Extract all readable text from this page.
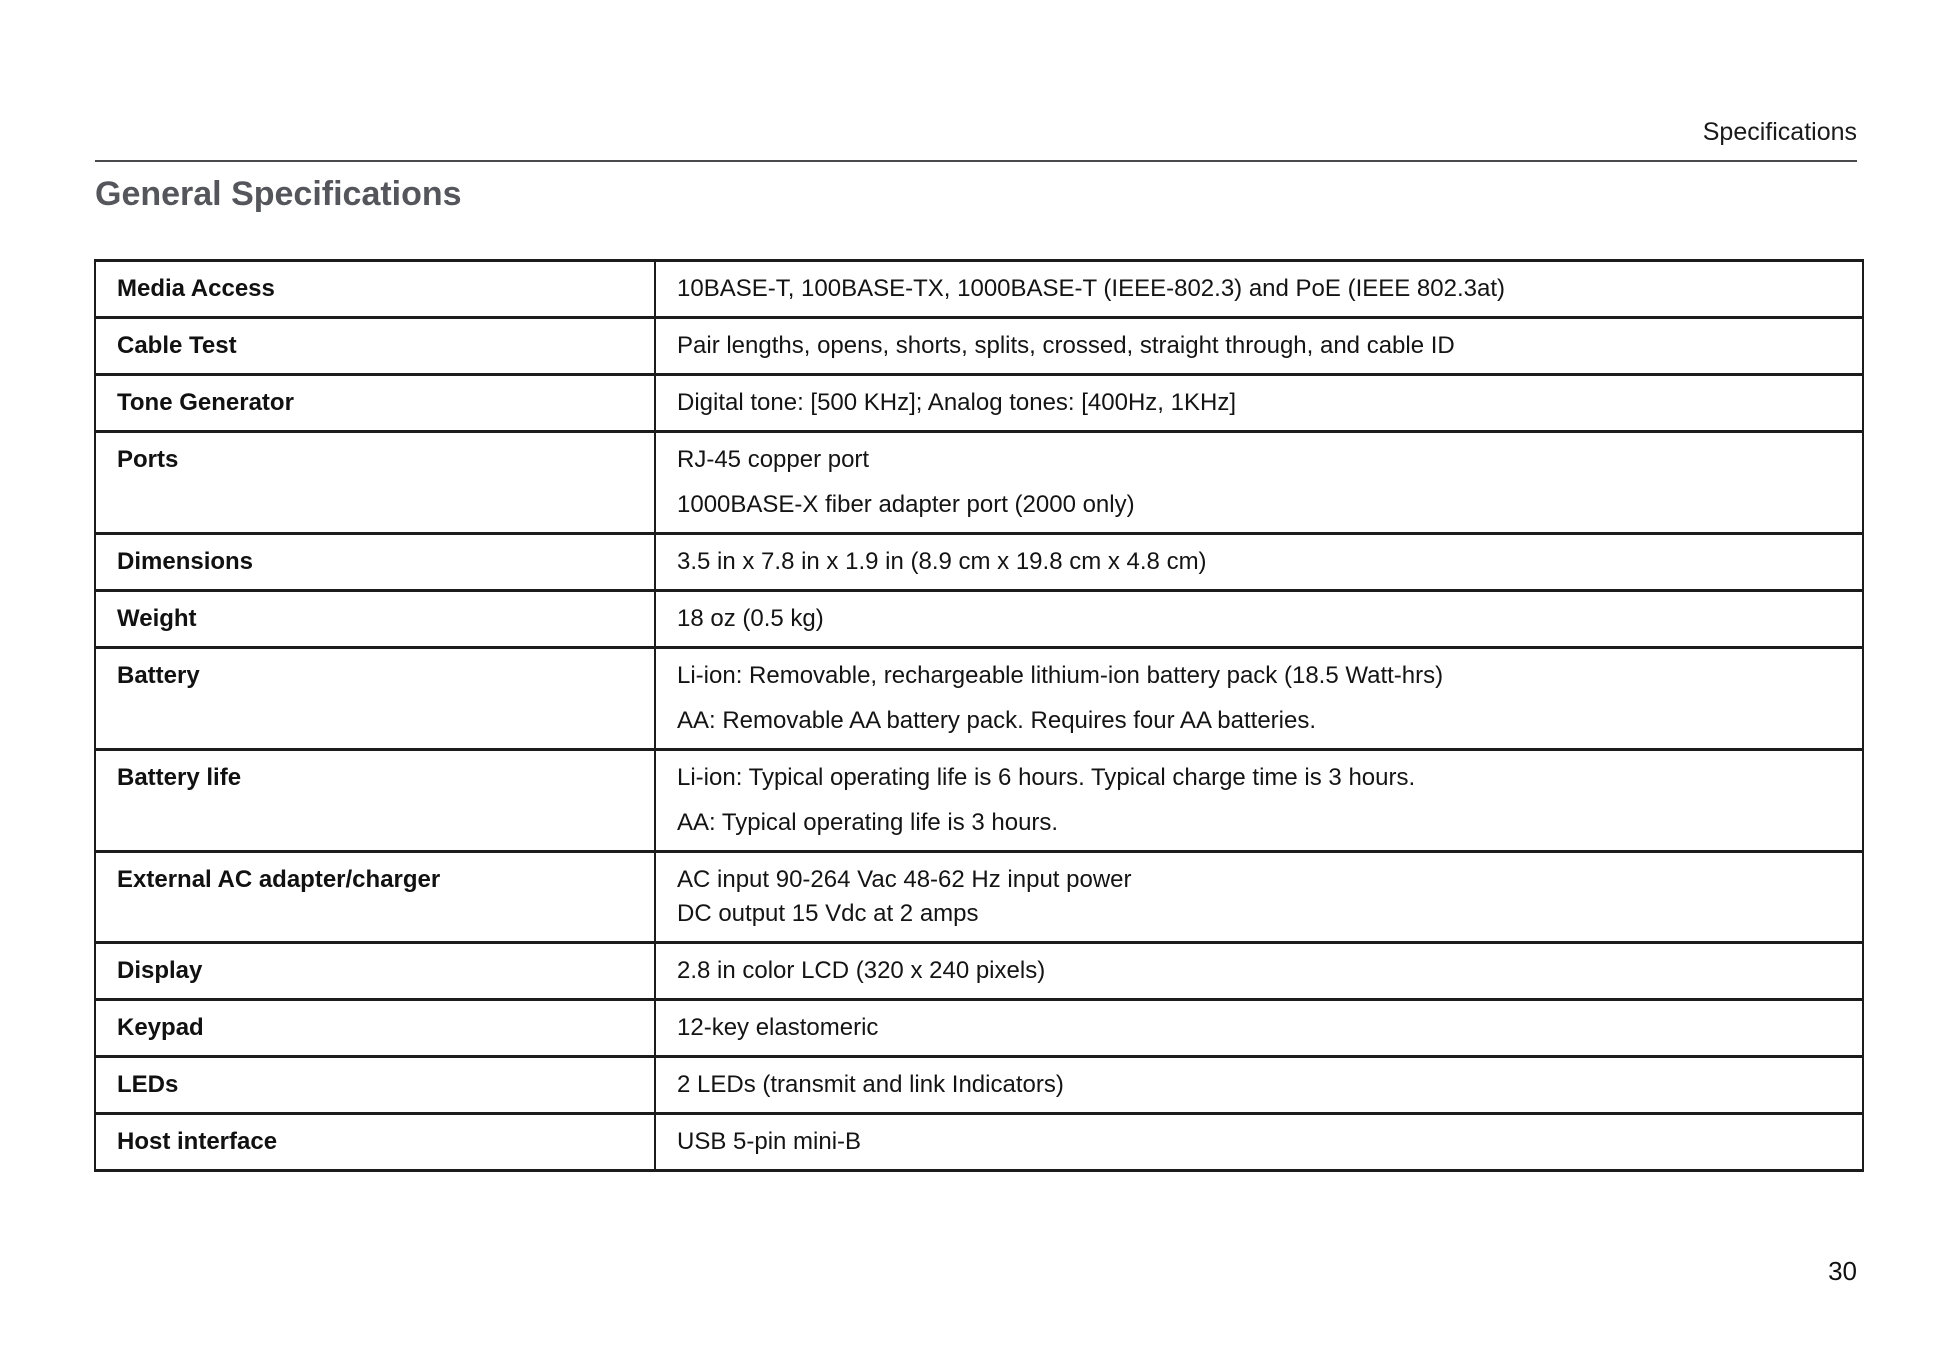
Specifications
General Specifications
Media Access	10BASE-T, 100BASE-TX, 1000BASE-T (IEEE-802.3) and PoE (IEEE 802.3at)

Cable Test	Pair lengths, opens, shorts, splits, crossed, straight through, and cable ID

Tone Generator	Digital tone: [500 KHz]; Analog tones: [400Hz, 1KHz]

Ports	RJ-45 copper port

1000BASE-X fiber adapter port (2000 only)

Dimensions	3.5 in x 7.8 in x 1.9 in (8.9 cm x 19.8 cm x 4.8 cm)

Weight	18 oz (0.5 kg)

Battery	Li-ion: Removable, rechargeable lithium-ion battery pack (18.5 Watt-hrs)

AA: Removable AA battery pack. Requires four AA batteries.

Battery life	Li-ion: Typical operating life is 6 hours. Typical charge time is 3 hours.

AA: Typical operating life is 3 hours.

External AC adapter/charger	AC input 90-264 Vac 48-62 Hz input power

DC output 15 Vdc at 2 amps

Display	2.8 in color LCD (320 x 240 pixels)

Keypad	12-key elastomeric

LEDs	2 LEDs (transmit and link Indicators)

Host interface	USB 5-pin mini-B

30
